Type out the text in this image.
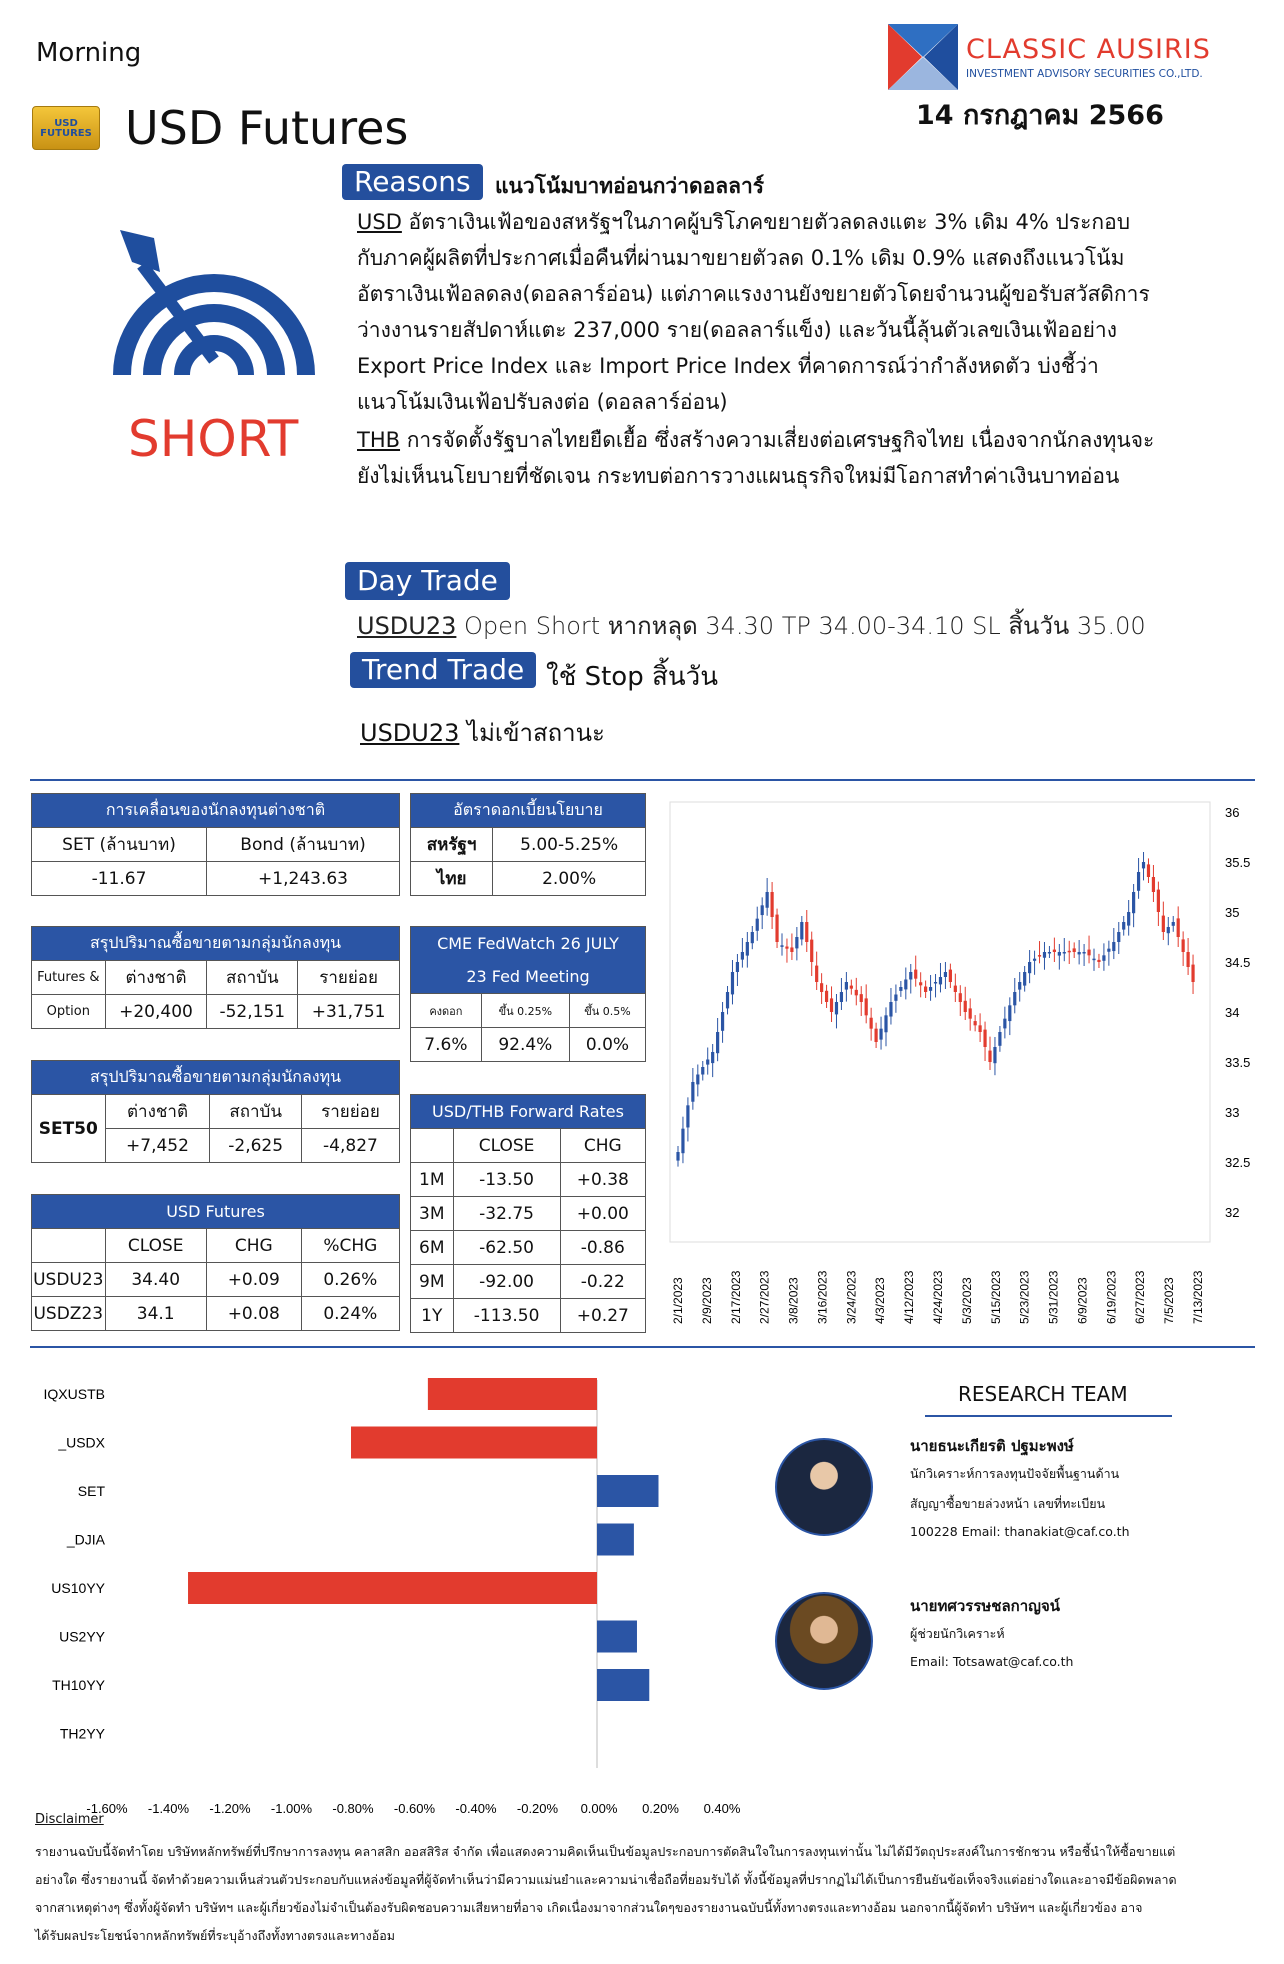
Morning
USD FUTURES USD Futures
CLASSIC AUSIRIS
INVESTMENT ADVISORY SECURITIES CO.,LTD.
14 กรกฎาคม 2566
SHORT
Reasons	แนวโน้มบาทอ่อนกว่าดอลลาร์
USD อัตราเงินเฟ้อของสหรัฐฯในภาคผู้บริโภคขยายตัวลดลงแตะ 3% เดิม 4% ประกอบ
กับภาคผู้ผลิตที่ประกาศเมื่อคืนที่ผ่านมาขยายตัวลด 0.1% เดิม 0.9% แสดงถึงแนวโน้ม
อัตราเงินเฟ้อลดลง(ดอลลาร์อ่อน) แต่ภาคแรงงานยังขยายตัวโดยจำนวนผู้ขอรับสวัสดิการ
ว่างงานรายสัปดาห์แตะ 237,000 ราย(ดอลลาร์แข็ง) และวันนี้ลุ้นตัวเลขเงินเฟ้ออย่าง
Export Price Index และ Import Price Index ที่คาดการณ์ว่ากำลังหดตัว บ่งชี้ว่า
แนวโน้มเงินเฟ้อปรับลงต่อ (ดอลลาร์อ่อน)
THB การจัดตั้งรัฐบาลไทยยืดเยื้อ ซึ่งสร้างความเสี่ยงต่อเศรษฐกิจไทย เนื่องจากนักลงทุนจะ
ยังไม่เห็นนโยบายที่ชัดเจน กระทบต่อการวางแผนธุรกิจใหม่มีโอกาสทำค่าเงินบาทอ่อน
Day Trade
USDU23 Open Short หากหลุด 34.30 TP 34.00-34.10 SL สิ้นวัน 35.00
Trend Trade ใช้ Stop สิ้นวัน
USDU23 ไม่เข้าสถานะ
การเคลื่อนของนักลงทุนต่างชาติ	
SET (ล้านบาท)	Bond (ล้านบาท)
-11.67	+1,243.63
อัตราดอกเบี้ยนโยบาย	
สหรัฐฯ	5.00-5.25%
ไทย	2.00%
สรุปปริมาณซื้อขายตามกลุ่มนักลงทุน			
Futures &	ต่างชาติ	สถาบัน	รายย่อย
Option	+20,400	-52,151	+31,751
CME FedWatch 26 JULY		
23 Fed Meeting		
คงดอก	ขึ้น 0.25%	ขึ้น 0.5%
7.6%	92.4%	0.0%
สรุปปริมาณซื้อขายตามกลุ่มนักลงทุน			
SET50	ต่างชาติ	สถาบัน	รายย่อย
	+7,452	-2,625	-4,827
USD/THB Forward Rates		
	CLOSE	CHG
1M	-13.50	+0.38
3M	-32.75	+0.00
6M	-62.50	-0.86
9M	-92.00	-0.22
1Y	-113.50	+0.27
USD Futures			
	CLOSE	CHG	%CHG
USDU23	34.40	+0.09	0.26%
USDZ23	34.1	+0.08	0.24%
36
35.5
35
34.5
34
33.5
33
32.5
32
2/1/2023 2/9/2023 2/17/2023 2/27/2023 3/8/2023 3/16/2023 3/24/2023 4/3/2023 4/12/2023 4/24/2023 5/3/2023 5/15/2023 5/23/2023 5/31/2023 6/9/2023 6/19/2023 6/27/2023 7/5/2023 7/13/2023
IQXUSTB
_USDX
SET
_DJIA
US10YY
US2YY
TH10YY
TH2YY
-1.60% -1.40% -1.20% -1.00% -0.80% -0.60% -0.40% -0.20% 0.00% 0.20% 0.40%
RESEARCH TEAM
นายธนะเกียรติ ปฐมะพงษ์
นักวิเคราะห์การลงทุนปัจจัยพื้นฐานด้าน
สัญญาซื้อขายล่วงหน้า เลขที่ทะเบียน
100228 Email: thanakiat@caf.co.th
นายทศวรรษชลกาญจน์
ผู้ช่วยนักวิเคราะห์
Email: Totsawat@caf.co.th
Disclaimer
รายงานฉบับนี้จัดทำโดย บริษัทหลักทรัพย์ที่ปรึกษาการลงทุน คลาสสิก ออสสิริส จำกัด เพื่อแสดงความคิดเห็นเป็นข้อมูลประกอบการตัดสินใจในการลงทุนเท่านั้น ไม่ได้มีวัตถุประสงค์ในการชักชวน หรือชี้นำให้ซื้อขายแต่
อย่างใด ซึ่งรายงานนี้ จัดทำด้วยความเห็นส่วนตัวประกอบกับแหล่งข้อมูลที่ผู้จัดทำเห็นว่ามีความแม่นยำและความน่าเชื่อถือที่ยอมรับได้ ทั้งนี้ข้อมูลที่ปรากฏไม่ได้เป็นการยืนยันข้อเท็จจริงแต่อย่างใดและอาจมีข้อผิดพลาด
จากสาเหตุต่างๆ ซึ่งทั้งผู้จัดทำ บริษัทฯ และผู้เกี่ยวข้องไม่จำเป็นต้องรับผิดชอบความเสียหายที่อาจ เกิดเนื่องมาจากส่วนใดๆของรายงานฉบับนี้ทั้งทางตรงและทางอ้อม นอกจากนี้ผู้จัดทำ บริษัทฯ และผู้เกี่ยวข้อง อาจ
ได้รับผลประโยชน์จากหลักทรัพย์ที่ระบุอ้างถึงทั้งทางตรงและทางอ้อม
